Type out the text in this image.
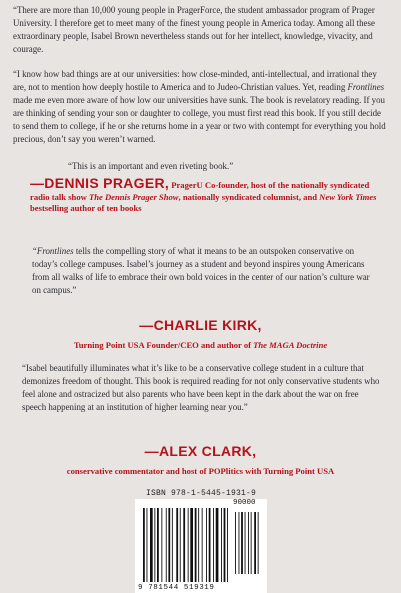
“There are more than 10,000 young people in PragerForce, the student ambassador program of Prager University. I therefore get to meet many of the finest young people in America today. Among all these extraordinary people, Isabel Brown nevertheless stands out for her intellect, knowledge, vivacity, and courage.
“I know how bad things are at our universities: how close-minded, anti-intellectual, and irrational they are, not to mention how deeply hostile to America and to Judeo-Christian values. Yet, reading Frontlines made me even more aware of how low our universities have sunk. The book is revelatory reading. If you are thinking of sending your son or daughter to college, you must first read this book. If you still decide to send them to college, if he or she returns home in a year or two with contempt for everything you hold precious, don’t say you weren’t warned.
“This is an important and even riveting book.”
—DENNIS PRAGER, PragerU Co-founder, host of the nationally syndicated radio talk show The Dennis Prager Show, nationally syndicated columnist, and New York Times bestselling author of ten books
“Frontlines tells the compelling story of what it means to be an outspoken conservative on today’s college campuses. Isabel’s journey as a student and beyond inspires young Americans from all walks of life to embrace their own bold voices in the center of our nation’s culture war on campus.”
—CHARLIE KIRK,
Turning Point USA Founder/CEO and author of The MAGA Doctrine
“Isabel beautifully illuminates what it’s like to be a conservative college student in a culture that demonizes freedom of thought. This book is required reading for not only conservative students who feel alone and ostracized but also parents who have been kept in the dark about the war on free speech happening at an institution of higher learning near you.”
—ALEX CLARK,
conservative commentator and host of POPlitics with Turning Point USA
ISBN 978-1-5445-1931-9
90000
9 781544 519319
